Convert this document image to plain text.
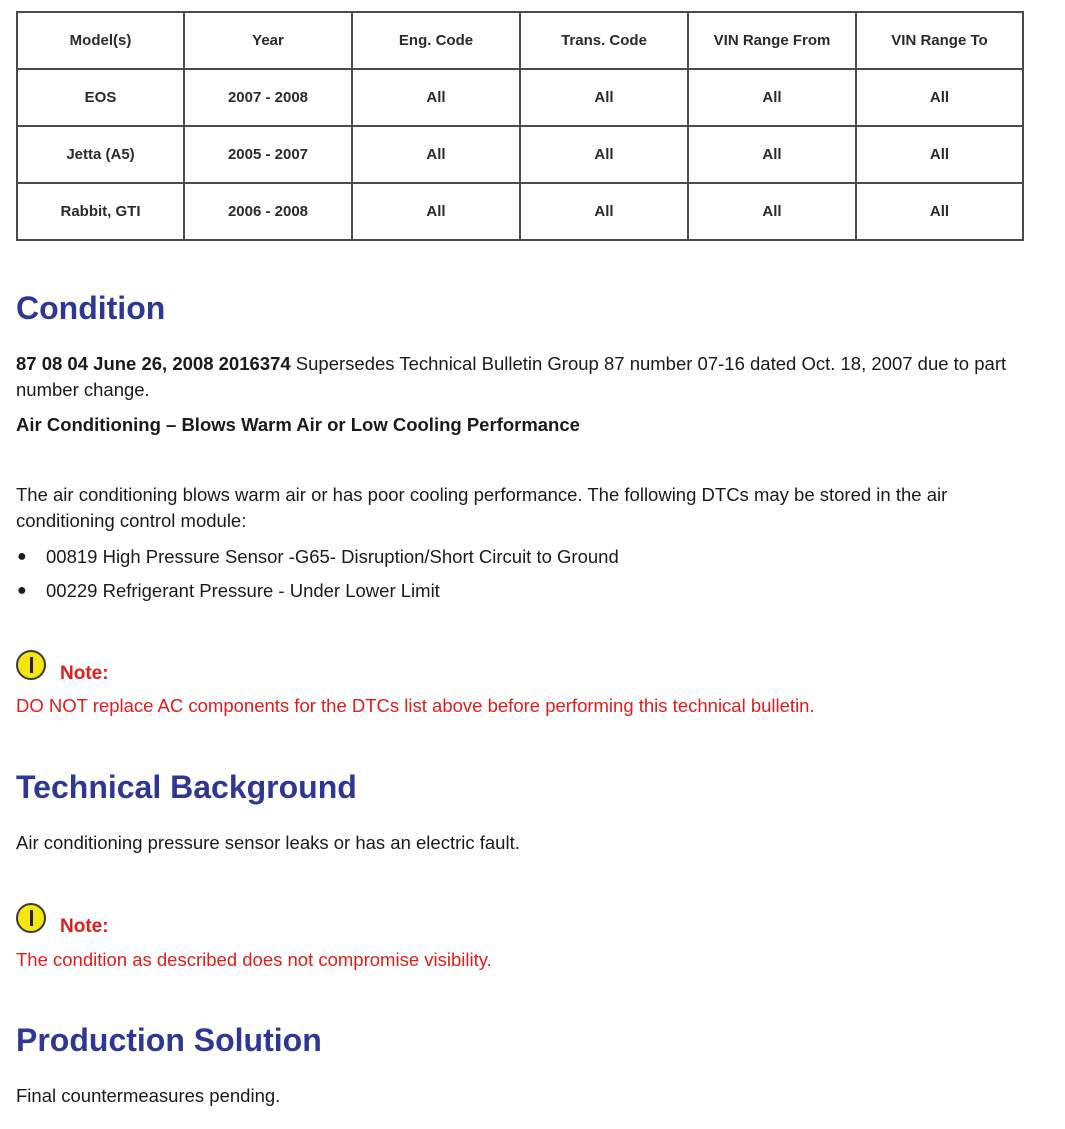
Model(s)	Year	Eng. Code	Trans. Code	VIN Range From	VIN Range To
EOS	2007 - 2008	All	All	All	All
Jetta (A5)	2005 - 2007	All	All	All	All
Rabbit, GTI	2006 - 2008	All	All	All	All
Condition

87 08 04 June 26, 2008 2016374 Supersedes Technical Bulletin Group 87 number 07-16 dated Oct. 18, 2007 due to part number change.

Air Conditioning – Blows Warm Air or Low Cooling Performance

The air conditioning blows warm air or has poor cooling performance. The following DTCs may be stored in the air conditioning control module:

● 00819 High Pressure Sensor -G65- Disruption/Short Circuit to Ground
● 00229 Refrigerant Pressure - Under Lower Limit
Note:

DO NOT replace AC components for the DTCs list above before performing this technical bulletin.

Technical Background

Air conditioning pressure sensor leaks or has an electric fault.

Note:

The condition as described does not compromise visibility.

Production Solution

Final countermeasures pending.
